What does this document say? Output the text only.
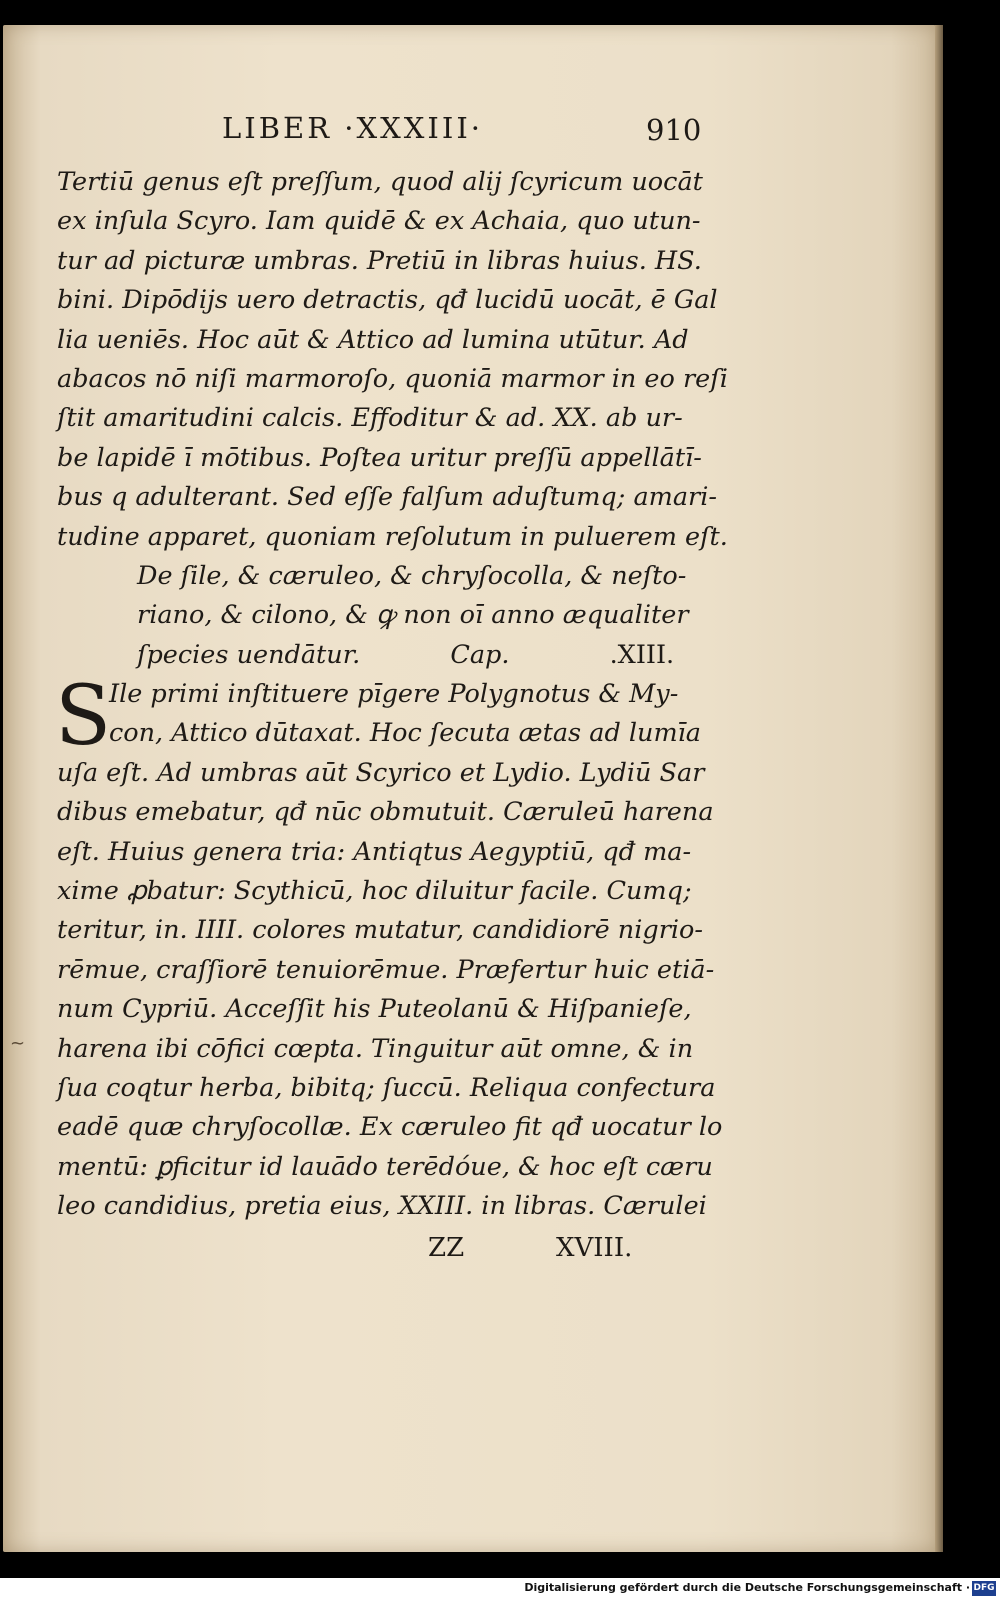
LIBER ·XXXIII·	910
Tertiū genus eſt preſſum, quod alij ſcyricum uocāt
ex inſula Scyro. Iam quidē & ex Achaia, quo utun-
tur ad picturæ umbras. Pretiū in libras huius. HS.
bini. Dipōdijs uero detractis, qđ lucidū uocāt, ē Gal
lia ueniēs. Hoc aūt & Attico ad lumina utūtur. Ad
abacos nō niſi marmoroſo, quoniā marmor in eo reſi
ſtit amaritudini calcis. Effoditur & ad. XX. ab ur-
be lapidē ī mōtibus. Poſtea uritur preſſū appellātī-
bus q adulterant. Sed eſſe falſum aduſtumq; amari-
tudine apparet, quoniam reſolutum in puluerem eſt.
De ſile, & cæruleo, & chryſocolla, & neſto-
riano, & cilono, & ꝙ non oī anno æqualiter
ſpecies uendātur.	Cap.	.XIII.
S
Ile primi inſtituere pīgere Polygnotus & My-
con, Attico dūtaxat. Hoc ſecuta ætas ad lumīa
uſa eſt. Ad umbras aūt Scyrico et Lydio. Lydiū Sar
dibus emebatur, qđ nūc obmutuit. Cæruleū harena
eſt. Huius genera tria: Antiqtus Aegyptiū, qđ ma-
xime ꝓbatur: Scythicū, hoc diluitur facile. Cumq;
teritur, in. IIII. colores mutatur, candidiorē nigrio-
rēmue, craſſiorē tenuiorēmue. Præfertur huic etiā-
num Cypriū. Acceſſit his Puteolanū & Hiſpanieſe,
harena ibi cōfici cœpta. Tinguitur aūt omne, & in
ſua coqtur herba, bibitq; ſuccū. Reliqua confectura
eadē quæ chryſocollæ. Ex cæruleo fit qđ uocatur lo
mentū: ꝑficitur id lauādo terēdóue, & hoc eſt cæru
leo candidius, pretia eius, XXIII. in libras. Cærulei
ZZ	XVIII.
~
Digitalisierung gefördert durch die Deutsche Forschungsgemeinschaft · DFG
